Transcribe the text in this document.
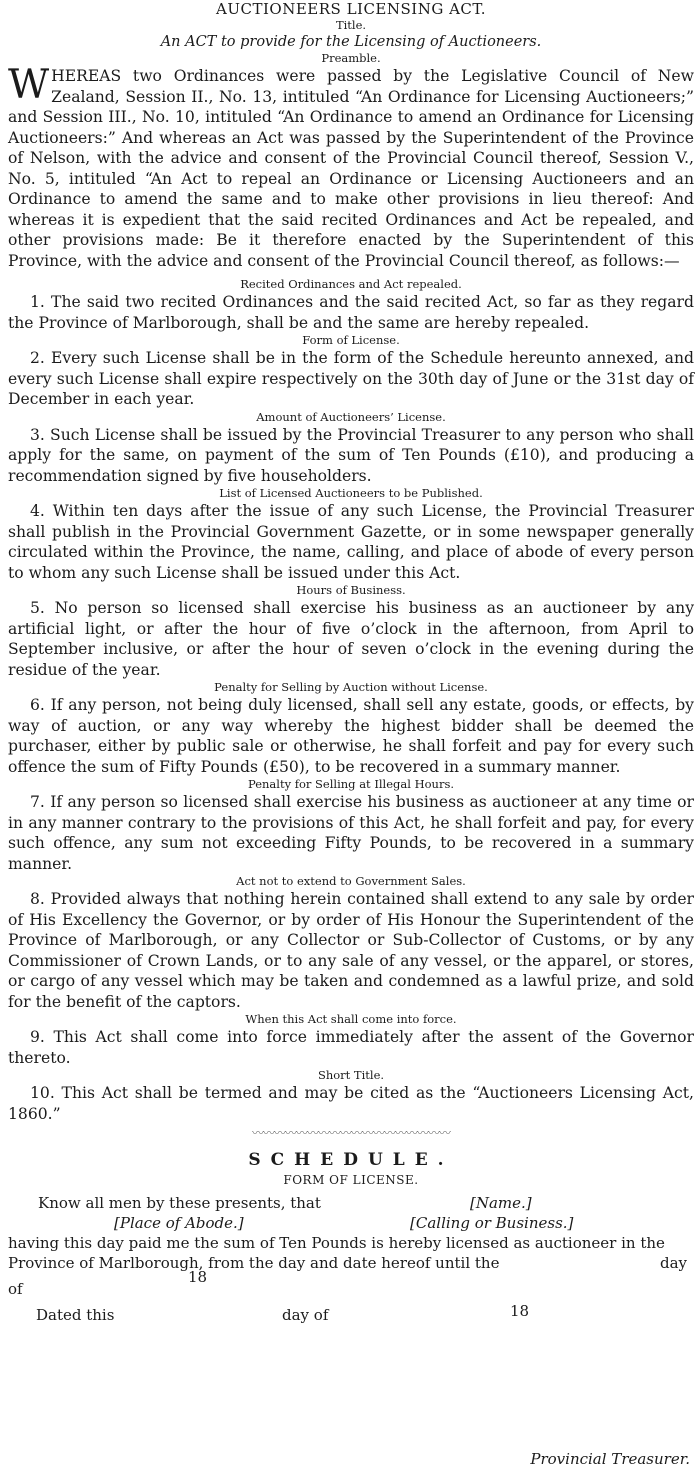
AUCTIONEERS LICENSING ACT.
Title.
An ACT to provide for the Licensing of Auctioneers.
Preamble.
W HEREAS two Ordinances were passed by the Legislative Council of New Zealand, Session II., No. 13, intituled “An Ordinance for Licensing Auctioneers;” and Session III., No. 10, intituled “An Ordinance to amend an Ordinance for Licensing Auctioneers:” And whereas an Act was passed by the Superintendent of the Province of Nelson, with the advice and consent of the Provincial Council thereof, Session V., No. 5, intituled “An Act to repeal an Ordinance or Licensing Auctioneers and an Ordinance to amend the same and to make other provisions in lieu thereof: And whereas it is expedient that the said recited Ordinances and Act be repealed, and other provisions made: Be it therefore enacted by the Superintendent of this Province, with the advice and consent of the Provincial Council thereof, as follows:—
Recited Ordinances and Act repealed.
1. The said two recited Ordinances and the said recited Act, so far as they regard the Province of Marlborough, shall be and the same are hereby repealed.
Form of License.
2. Every such License shall be in the form of the Schedule hereunto annexed, and every such License shall expire respectively on the 30th day of June or the 31st day of December in each year.
Amount of Auctioneers’ License.
3. Such License shall be issued by the Provincial Treasurer to any person who shall apply for the same, on payment of the sum of Ten Pounds (£10), and producing a recommendation signed by five householders.
List of Licensed Auctioneers to be Published.
4. Within ten days after the issue of any such License, the Provincial Treasurer shall publish in the Provincial Government Gazette, or in some newspaper generally circulated within the Province, the name, calling, and place of abode of every person to whom any such License shall be issued under this Act.
Hours of Business.
5. No person so licensed shall exercise his business as an auctioneer by any artificial light, or after the hour of five o’clock in the afternoon, from April to September inclusive, or after the hour of seven o’clock in the evening during the residue of the year.
Penalty for Selling by Auction without License.
6. If any person, not being duly licensed, shall sell any estate, goods, or effects, by way of auction, or any way whereby the highest bidder shall be deemed the purchaser, either by public sale or otherwise, he shall forfeit and pay for every such offence the sum of Fifty Pounds (£50), to be recovered in a summary manner.
Penalty for Selling at Illegal Hours.
7. If any person so licensed shall exercise his business as auctioneer at any time or in any manner contrary to the provisions of this Act, he shall forfeit and pay, for every such offence, any sum not exceeding Fifty Pounds, to be recovered in a summary manner.
Act not to extend to Government Sales.
8. Provided always that nothing herein contained shall extend to any sale by order of His Excellency the Governor, or by order of His Honour the Superintendent of the Province of Marlborough, or any Collector or Sub-Collector of Customs, or by any Commissioner of Crown Lands, or to any sale of any vessel, or the apparel, or stores, or cargo of any vessel which may be taken and condemned as a lawful prize, and sold for the benefit of the captors.
When this Act shall come into force.
9. This Act shall come into force immediately after the assent of the Governor thereto.
Short Title.
10. This Act shall be termed and may be cited as the “Auctioneers Licensing Act, 1860.”
〰〰〰〰〰〰〰〰〰〰〰〰〰〰〰〰〰〰
SCHEDULE.
FORM OF LICENSE.
Know all men by these presents, that	[Name.]
[Place of Abode.]	[Calling or Business.]
having this day paid me the sum of Ten Pounds is hereby licensed as auctioneer in the
Province of Marlborough, from the day and date hereof until the	day
18
of
Dated this	day of	18
Provincial Treasurer.
